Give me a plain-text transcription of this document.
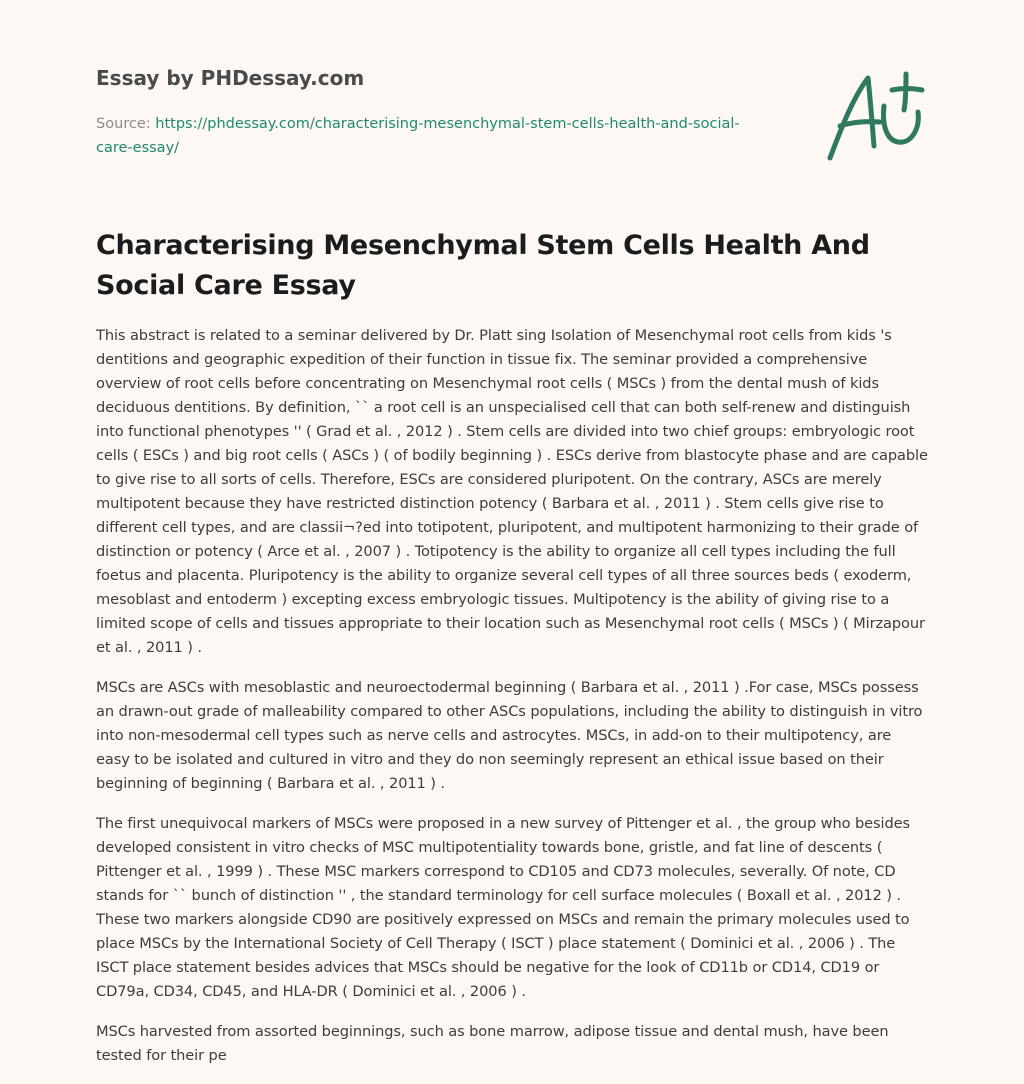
Essay by PHDessay.com
Source: https://phdessay.com/characterising-mesenchymal-stem-cells-health-and-social-care-essay/
Characterising Mesenchymal Stem Cells Health And Social Care Essay

This abstract is related to a seminar delivered by Dr. Platt sing Isolation of Mesenchymal root cells from kids 's dentitions and geographic expedition of their function in tissue fix. The seminar provided a comprehensive overview of root cells before concentrating on Mesenchymal root cells ( MSCs ) from the dental mush of kids deciduous dentitions. By definition, `` a root cell is an unspecialised cell that can both self-renew and distinguish into functional phenotypes '' ( Grad et al. , 2012 ) . Stem cells are divided into two chief groups: embryologic root cells ( ESCs ) and big root cells ( ASCs ) ( of bodily beginning ) . ESCs derive from blastocyte phase and are capable to give rise to all sorts of cells. Therefore, ESCs are considered pluripotent. On the contrary, ASCs are merely multipotent because they have restricted distinction potency ( Barbara et al. , 2011 ) . Stem cells give rise to different cell types, and are classii¬?ed into totipotent, pluripotent, and multipotent harmonizing to their grade of distinction or potency ( Arce et al. , 2007 ) . Totipotency is the ability to organize all cell types including the full foetus and placenta. Pluripotency is the ability to organize several cell types of all three sources beds ( exoderm, mesoblast and entoderm ) excepting excess embryologic tissues. Multipotency is the ability of giving rise to a limited scope of cells and tissues appropriate to their location such as Mesenchymal root cells ( MSCs ) ( Mirzapour et al. , 2011 ) .

MSCs are ASCs with mesoblastic and neuroectodermal beginning ( Barbara et al. , 2011 ) .For case, MSCs possess an drawn-out grade of malleability compared to other ASCs populations, including the ability to distinguish in vitro into non-mesodermal cell types such as nerve cells and astrocytes. MSCs, in add-on to their multipotency, are easy to be isolated and cultured in vitro and they do non seemingly represent an ethical issue based on their beginning of beginning ( Barbara et al. , 2011 ) .

The first unequivocal markers of MSCs were proposed in a new survey of Pittenger et al. , the group who besides developed consistent in vitro checks of MSC multipotentiality towards bone, gristle, and fat line of descents ( Pittenger et al. , 1999 ) . These MSC markers correspond to CD105 and CD73 molecules, severally. Of note, CD stands for `` bunch of distinction '' , the standard terminology for cell surface molecules ( Boxall et al. , 2012 ) . These two markers alongside CD90 are positively expressed on MSCs and remain the primary molecules used to place MSCs by the International Society of Cell Therapy ( ISCT ) place statement ( Dominici et al. , 2006 ) . The ISCT place statement besides advices that MSCs should be negative for the look of CD11b or CD14, CD19 or CD79a, CD34, CD45, and HLA-DR ( Dominici et al. , 2006 ) .

MSCs harvested from assorted beginnings, such as bone marrow, adipose tissue and dental mush, have been tested for their pe
